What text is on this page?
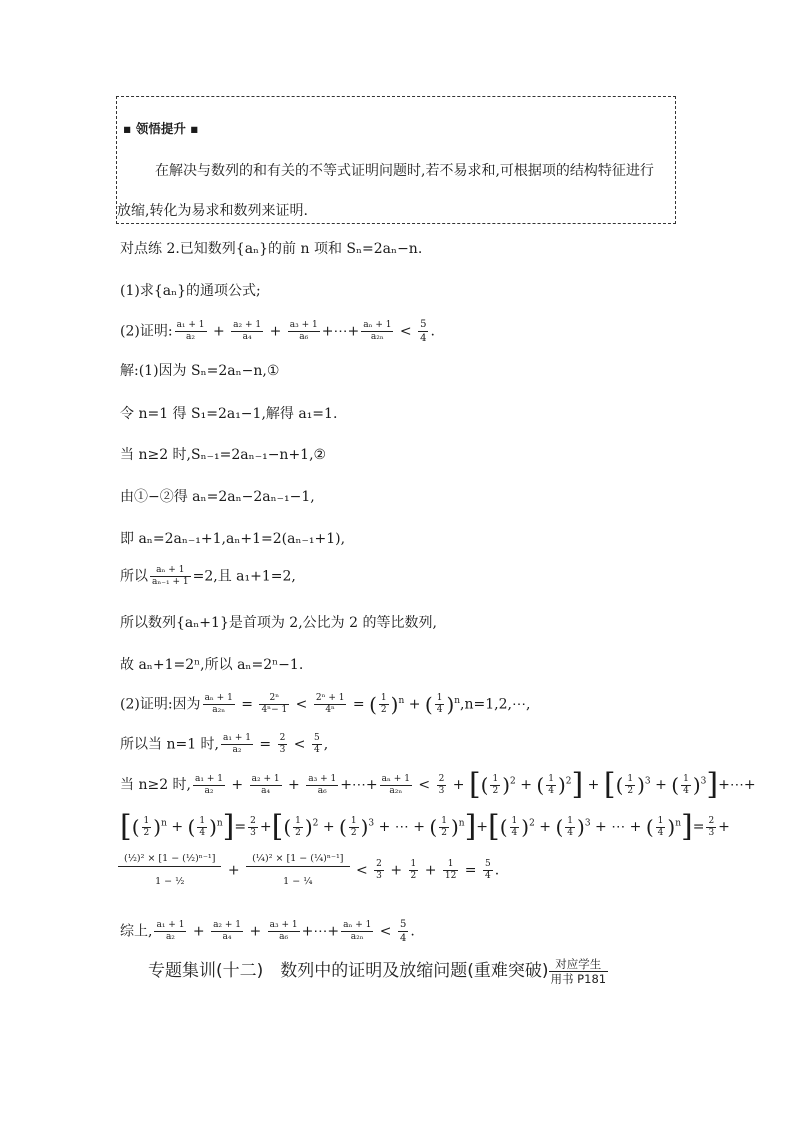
▪ 领悟提升 ▪
在解决与数列的和有关的不等式证明问题时,若不易求和,可根据项的结构特征进行放缩,转化为易求和数列来证明.
对点练 2.已知数列{aₙ}的前 n 项和 Sₙ=2aₙ−n.
(1)求{aₙ}的通项公式;
(2)证明: $\frac{\text{a₁ + 1}}{\text{a₂}} + \frac{\text{a₂ + 1}}{\text{a₄}} + \frac{\text{a₃ + 1}}{\text{a₆}}$ +⋯+ $\frac{\text{aₙ + 1}}{\text{a₂ₙ}} < \frac{5}{4}$ .
解:(1)因为 Sₙ=2aₙ−n,①
令 n=1 得 S₁=2a₁−1,解得 a₁=1.
当 n≥2 时,Sₙ₋₁=2aₙ₋₁−n+1,②
由①−②得 aₙ=2aₙ−2aₙ₋₁−1,
即 aₙ=2aₙ₋₁+1,aₙ+1=2(aₙ₋₁+1),
所以 $\frac{\text{aₙ + 1}}{\text{aₙ₋₁ + 1}} =2$,且 a₁+1=2,
所以数列{aₙ+1}是首项为 2,公比为 2 的等比数列,
故 aₙ+1=2ⁿ,所以 aₙ=2ⁿ−1.
(2)证明:因为 $\frac{\text{aₙ + 1}}{\text{a₂ₙ}} = \frac{\text{2ⁿ}}{\text{4ⁿ− 1}} < \frac{\text{2ⁿ + 1}}{\text{4ⁿ}}$ = ( $\frac{1}{2} )^n$ + ( $\frac{1}{4}$ )$^n$,n=1,2,⋯,
所以当 n=1 时, $\frac{\text{a₁ + 1}}{\text{a₂}} = \frac{2}{3} < \frac{5}{4}$ ,
当 n≥2 时, $\frac{\text{a₁ + 1}}{\text{a₂}} + \frac{\text{a₂ + 1}}{\text{a₄}} + \frac{\text{a₃ + 1}}{\text{a₆}}$ +⋯+ $\frac{\text{aₙ + 1}}{\text{a₂ₙ}} < \frac{2}{3}$ + [( $\frac{1}{2} )^2$ + ( $\frac{1}{4} )^2$] + [( $\frac{1}{2} )^3$ + ( $\frac{1}{4}$ )$^3$]+⋯+
[( $\frac{1}{2} )^n$ + ( $\frac{1}{4} )^n]= \frac{2}{3}$ +[( $\frac{1}{2} )^2$ + ( $\frac{1}{2} )^3$ + ⋯ + ( $\frac{1}{2} )^n]+[( \frac{1}{4} )^2$ + ( $\frac{1}{4} )^3$ + ⋯ + ( $\frac{1}{4} )^n]= \frac{2}{3}$ +
$\frac{\text{(½)² × [1 − (½)ⁿ⁻¹]}}{\text{1 − ½}} + \frac{\text{(¼)² × [1 − (¼)ⁿ⁻¹]}}{\text{1 − ¼}} < \frac{2}{3} + \frac{1}{2} + \frac{1}{12} = \frac{5}{4}$ .
综上, $\frac{\text{a₁ + 1}}{\text{a₂}} + \frac{\text{a₂ + 1}}{\text{a₄}} + \frac{\text{a₃ + 1}}{\text{a₆}}$ +⋯+ $\frac{\text{aₙ + 1}}{\text{a₂ₙ}} < \frac{5}{4}$ .
专题集训(十二)　数列中的证明及放缩问题(重难突破) 对应学生
用书 P181
